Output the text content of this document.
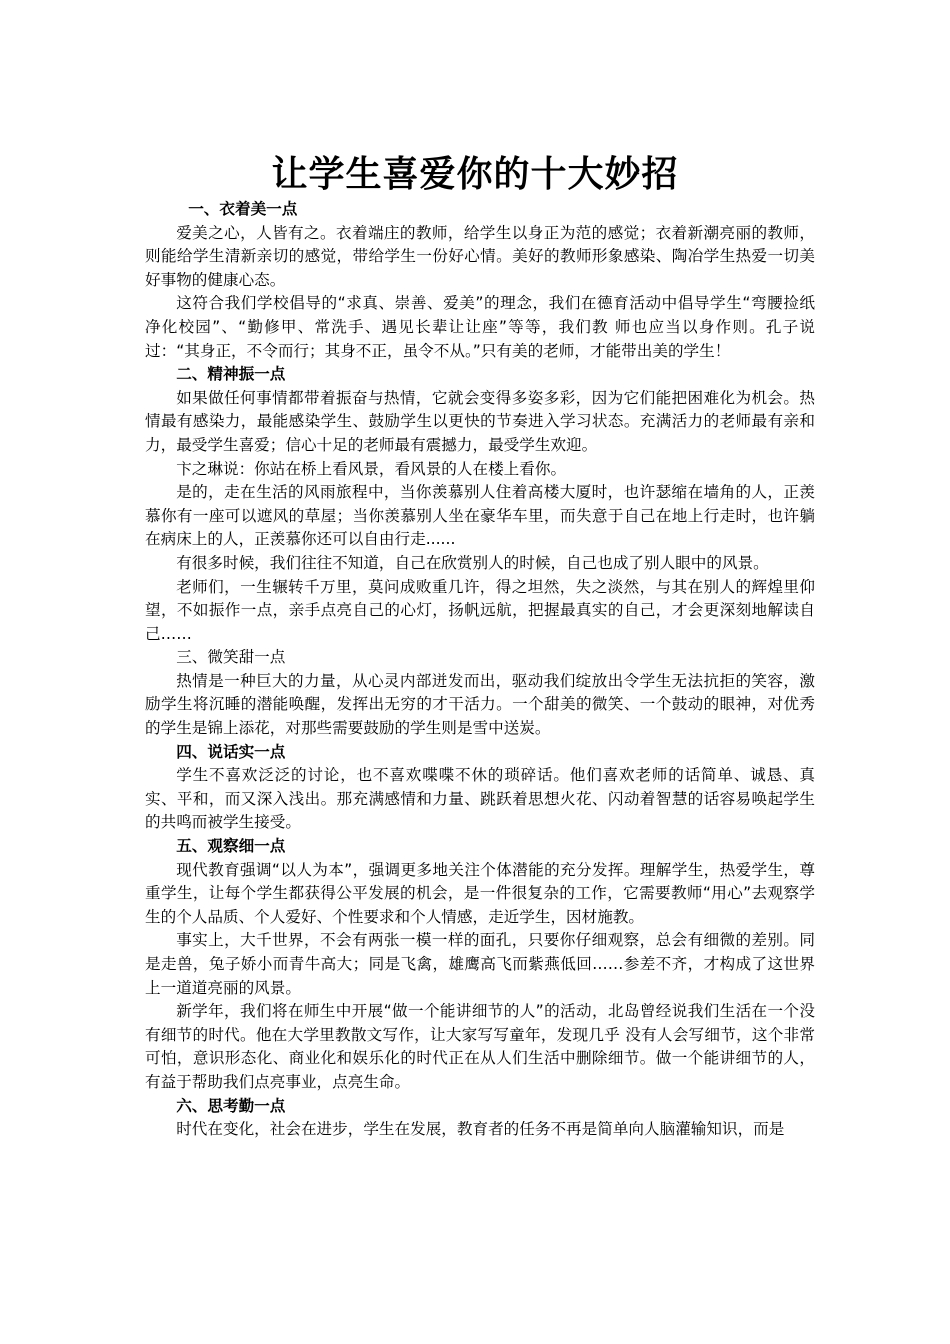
让学生喜爱你的十大妙招
一、衣着美一点

爱美之心，人皆有之。衣着端庄的教师，给学生以身正为范的感觉；衣着新潮亮丽的教师，则能给学生清新亲切的感觉，带给学生一份好心情。美好的教师形象感染、陶冶学生热爱一切美好事物的健康心态。

这符合我们学校倡导的“求真、崇善、爱美”的理念，我们在德育活动中倡导学生“弯腰捡纸　净化校园”、“勤修甲、常洗手、遇见长辈让让座”等等，我们教 师也应当以身作则。孔子说过：“其身正，不令而行；其身不正，虽令不从。”只有美的老师，才能带出美的学生！

二、精神振一点

如果做任何事情都带着振奋与热情，它就会变得多姿多彩，因为它们能把困难化为机会。热情最有感染力，最能感染学生、鼓励学生以更快的节奏进入学习状态。充满活力的老师最有亲和力，最受学生喜爱；信心十足的老师最有震撼力，最受学生欢迎。

卞之琳说：你站在桥上看风景，看风景的人在楼上看你。

是的，走在生活的风雨旅程中，当你羡慕别人住着高楼大厦时，也许瑟缩在墙角的人，正羡慕你有一座可以遮风的草屋；当你羡慕别人坐在豪华车里，而失意于自己在地上行走时，也许躺在病床上的人，正羡慕你还可以自由行走......

有很多时候，我们往往不知道，自己在欣赏别人的时候，自己也成了别人眼中的风景。

老师们，一生辗转千万里，莫问成败重几许，得之坦然，失之淡然，与其在别人的辉煌里仰望，不如振作一点，亲手点亮自己的心灯，扬帆远航，把握最真实的自己，才会更深刻地解读自己……

三、微笑甜一点

热情是一种巨大的力量，从心灵内部迸发而出，驱动我们绽放出令学生无法抗拒的笑容，激励学生将沉睡的潜能唤醒，发挥出无穷的才干活力。一个甜美的微笑、一个鼓动的眼神，对优秀的学生是锦上添花，对那些需要鼓励的学生则是雪中送炭。

四、说话实一点

学生不喜欢泛泛的讨论，也不喜欢喋喋不休的琐碎话。他们喜欢老师的话简单、诚恳、真实、平和，而又深入浅出。那充满感情和力量、跳跃着思想火花、闪动着智慧的话容易唤起学生的共鸣而被学生接受。

五、观察细一点

现代教育强调“以人为本”，强调更多地关注个体潜能的充分发挥。理解学生，热爱学生，尊重学生，让每个学生都获得公平发展的机会，是一件很复杂的工作，它需要教师“用心”去观察学生的个人品质、个人爱好、个性要求和个人情感，走近学生，因材施教。

事实上，大千世界，不会有两张一模一样的面孔，只要你仔细观察，总会有细微的差别。同是走兽，兔子娇小而青牛高大；同是飞禽，雄鹰高飞而紫燕低回……参差不齐，才构成了这世界上一道道亮丽的风景。

新学年，我们将在师生中开展“做一个能讲细节的人”的活动，北岛曾经说我们生活在一个没有细节的时代。他在大学里教散文写作，让大家写写童年，发现几乎 没有人会写细节，这个非常可怕，意识形态化、商业化和娱乐化的时代正在从人们生活中删除细节。做一个能讲细节的人，有益于帮助我们点亮事业，点亮生命。

六、思考勤一点

时代在变化，社会在进步，学生在发展，教育者的任务不再是简单向人脑灌输知识，而是
